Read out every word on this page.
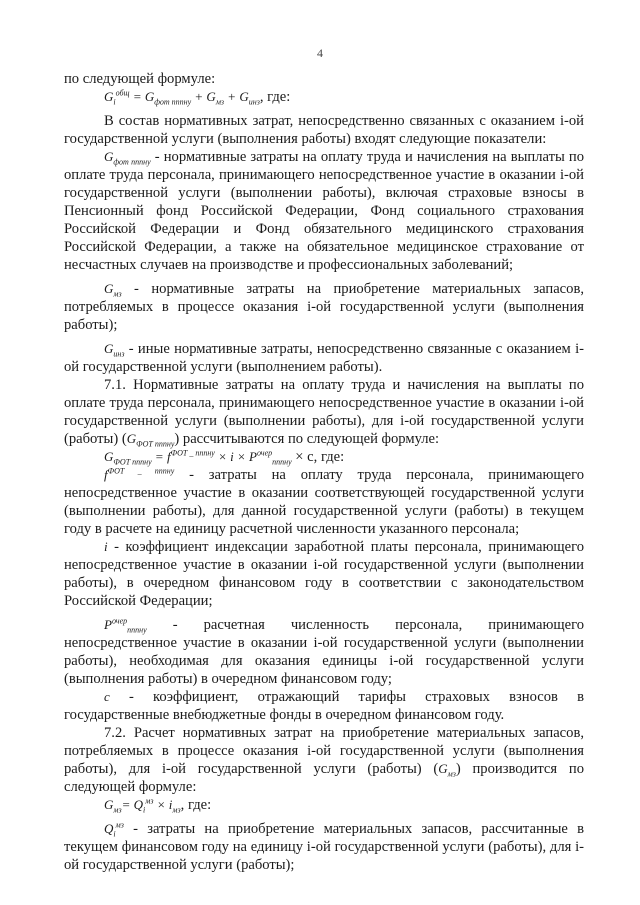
4

по следующей формуле:

$G_i^{общ} = G_{фот пппну} + G_{мз} + G_{инз}$, где:

В состав нормативных затрат, непосредственно связанных с оказанием i-ой государственной услуги (выполнения работы) входят следующие показатели:

$G_{фот пппну}$ - нормативные затраты на оплату труда и начисления на выплаты по оплате труда персонала, принимающего непосредственное участие в оказании i-ой государственной услуги (выполнении работы), включая страховые взносы в Пенсионный фонд Российской Федерации, Фонд социального страхования Российской Федерации и Фонд обязательного медицинского страхования Российской Федерации, а также на обязательное медицинское страхование от несчастных случаев на производстве и профессиональных заболеваний;

$G_{мз}$ - нормативные затраты на приобретение материальных запасов, потребляемых в процессе оказания i-ой государственной услуги (выполнения работы);

$G_{инз}$ - иные нормативные затраты, непосредственно связанные с оказанием i-ой государственной услуги (выполнением работы).

7.1. Нормативные затраты на оплату труда и начисления на выплаты по оплате труда персонала, принимающего непосредственное участие в оказании i-ой государственной услуги (выполнении работы), для i-ой государственной услуги (работы) $(G_{ФОТ пппну})$ рассчитываются по следующей формуле:

$G_{ФОТ пппну} = f^{ФОТ \_ пппну} \times i \times P^{очер}_{пппну} \times c$, где:

$f^{ФОТ \_ пппну}$ - затраты на оплату труда персонала, принимающего непосредственное участие в оказании соответствующей государственной услуги (выполнении работы), для данной государственной услуги (работы) в текущем году в расчете на единицу расчетной численности указанного персонала;

i - коэффициент индексации заработной платы персонала, принимающего непосредственное участие в оказании i-ой государственной услуги (выполнении работы), в очередном финансовом году в соответствии с законодательством Российской Федерации;

$P^{очер}_{пппну}$ - расчетная численность персонала, принимающего непосредственное участие в оказании i-ой государственной услуги (выполнении работы), необходимая для оказания единицы i-ой государственной услуги (выполнения работы) в очередном финансовом году;

c - коэффициент, отражающий тарифы страховых взносов в государственные внебюджетные фонды в очередном финансовом году.

7.2. Расчет нормативных затрат на приобретение материальных запасов, потребляемых в процессе оказания i-ой государственной услуги (выполнения работы), для i-ой государственной услуги (работы) $(G_{мз})$ производится по следующей формуле:

$G_{мз}= Q_i^{мз} \times i_{мз}$, где:

$Q_i^{мз}$ - затраты на приобретение материальных запасов, рассчитанные в текущем финансовом году на единицу i-ой государственной услуги (работы), для i-ой государственной услуги (работы);
